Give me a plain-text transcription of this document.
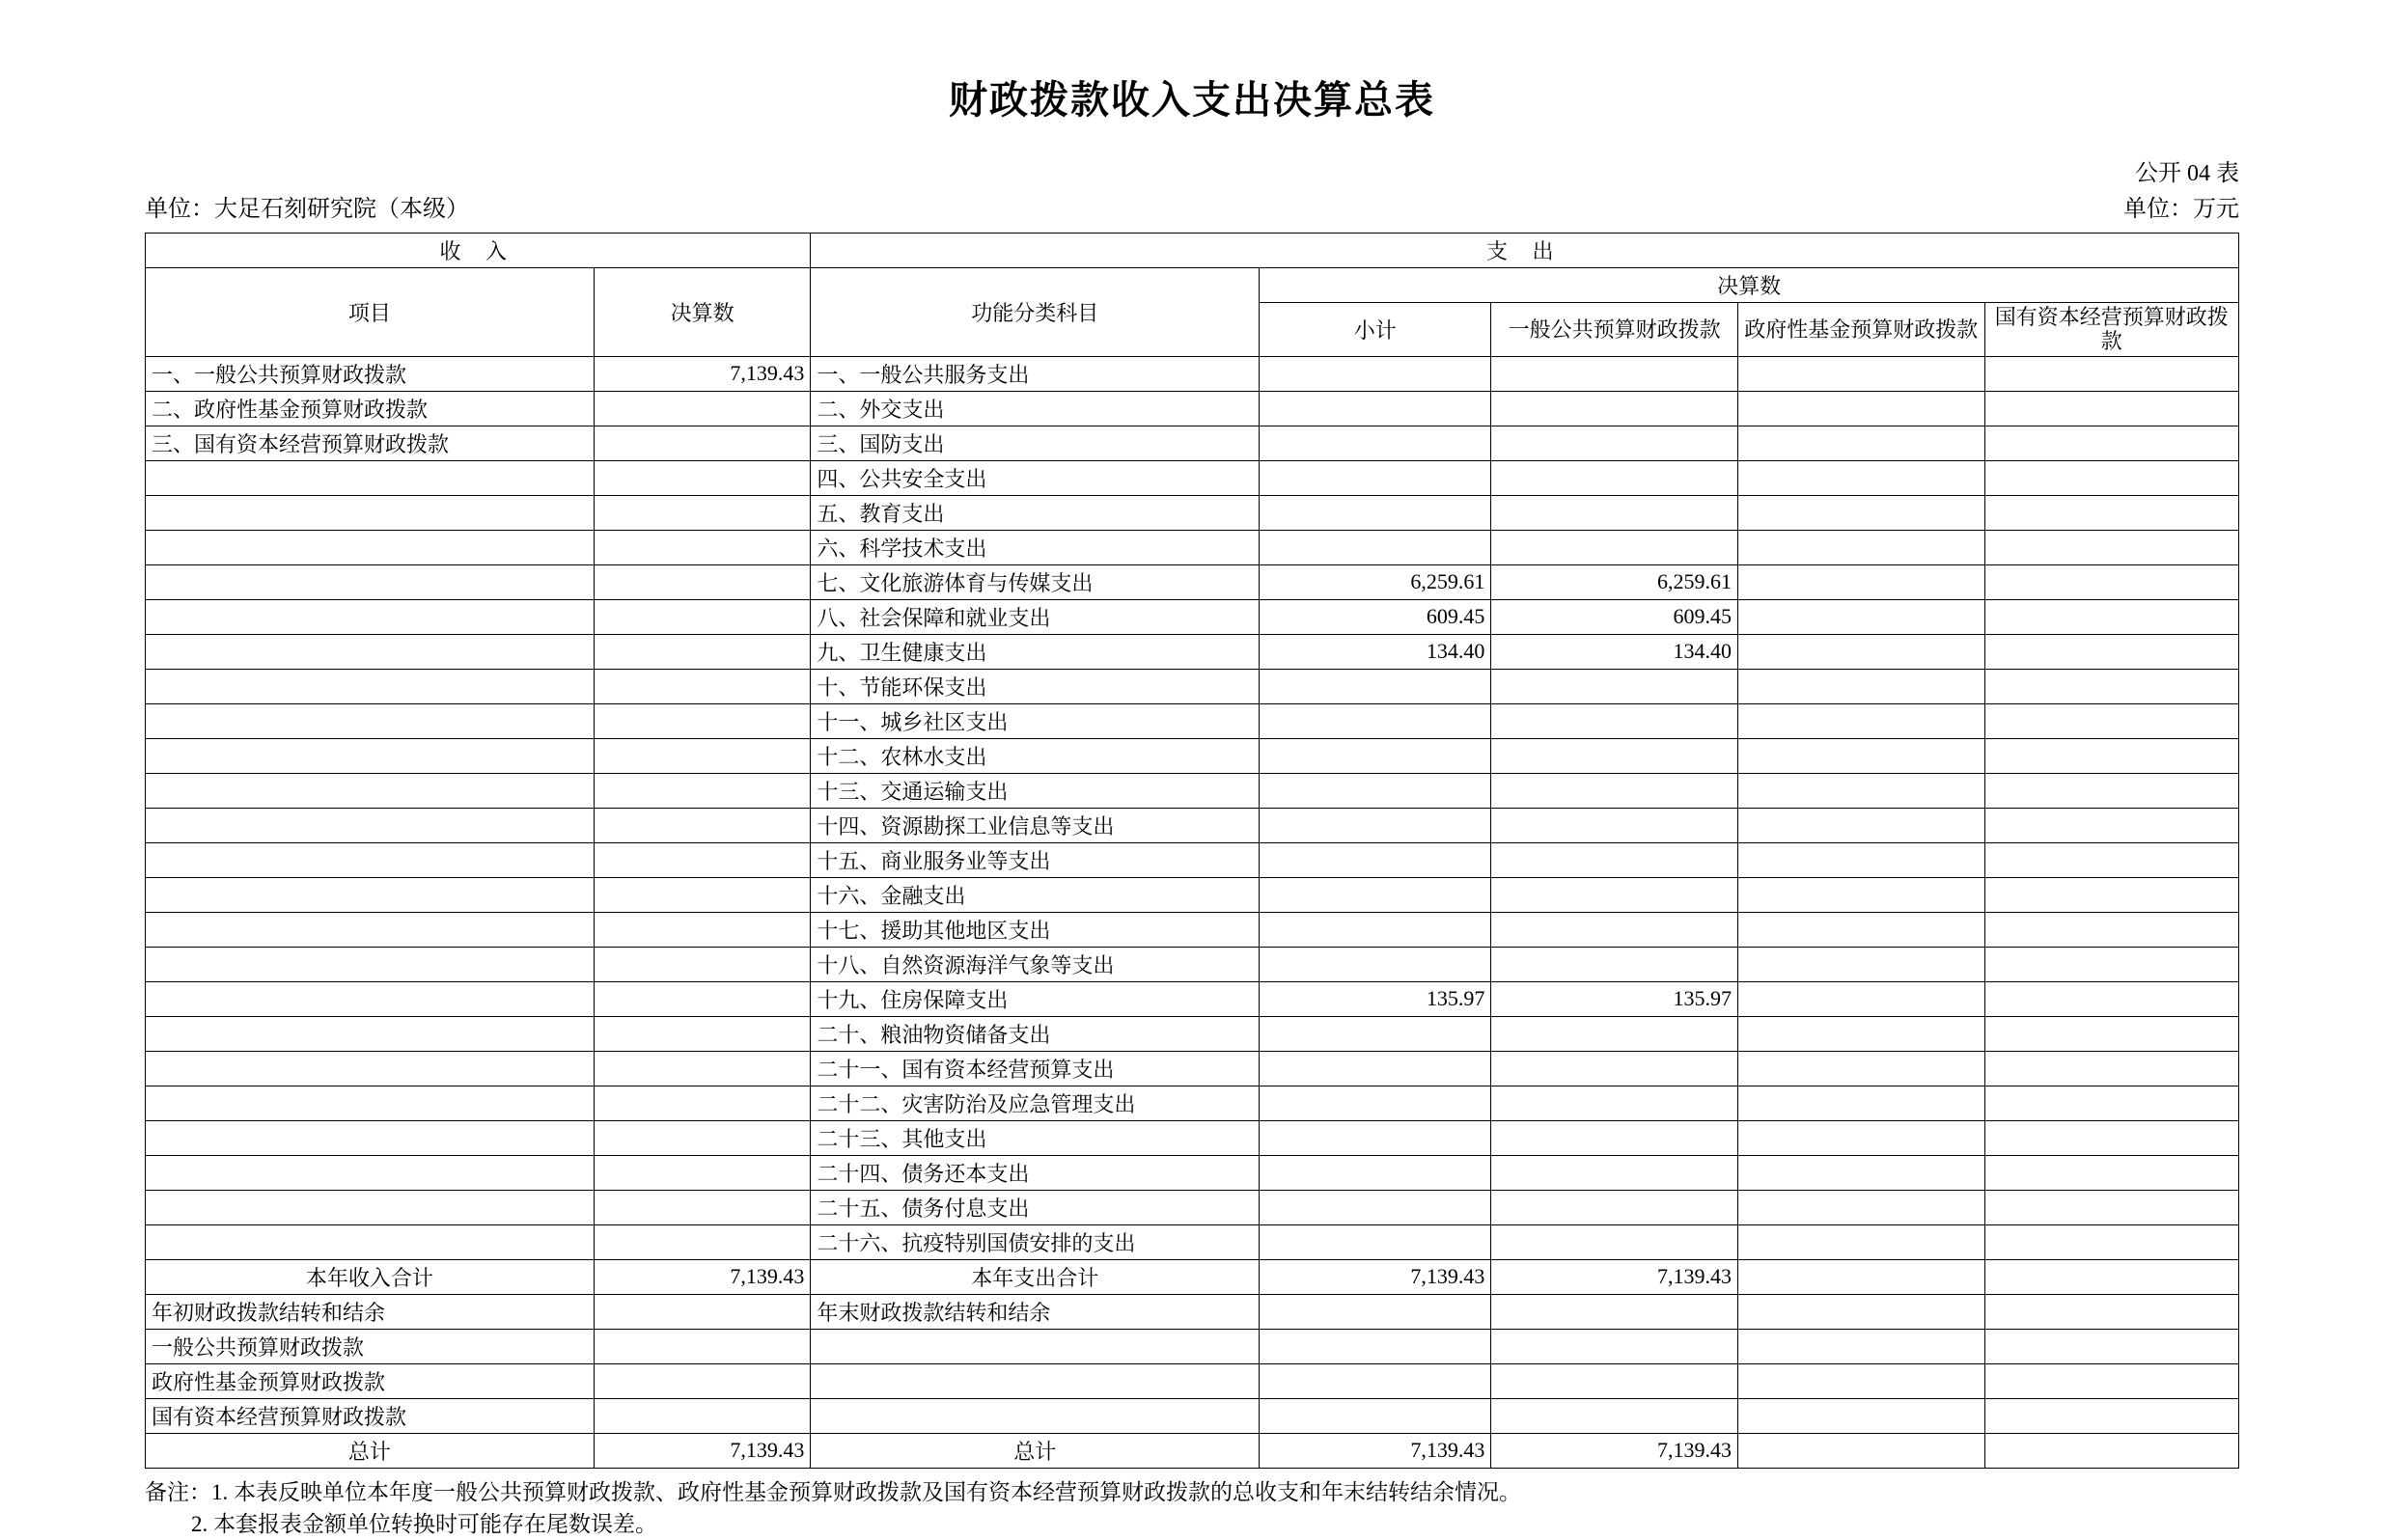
财政拨款收入支出决算总表
公开 04 表
单位：大足石刻研究院（本级）	单位：万元
收 入		支 出				
项目	决算数	功能分类科目	决算数			
			小计	一般公共预算财政拨款	政府性基金预算财政拨款	国有资本经营预算财政拨款
一、一般公共预算财政拨款	7,139.43	一、一般公共服务支出				
二、政府性基金预算财政拨款		二、外交支出				
三、国有资本经营预算财政拨款		三、国防支出				
		四、公共安全支出				
		五、教育支出				
		六、科学技术支出				
		七、文化旅游体育与传媒支出	6,259.61	6,259.61		
		八、社会保障和就业支出	609.45	609.45		
		九、卫生健康支出	134.40	134.40		
		十、节能环保支出				
		十一、城乡社区支出				
		十二、农林水支出				
		十三、交通运输支出				
		十四、资源勘探工业信息等支出				
		十五、商业服务业等支出				
		十六、金融支出				
		十七、援助其他地区支出				
		十八、自然资源海洋气象等支出				
		十九、住房保障支出	135.97	135.97		
		二十、粮油物资储备支出				
		二十一、国有资本经营预算支出				
		二十二、灾害防治及应急管理支出				
		二十三、其他支出				
		二十四、债务还本支出				
		二十五、债务付息支出				
		二十六、抗疫特别国债安排的支出				
本年收入合计	7,139.43	本年支出合计	7,139.43	7,139.43		
年初财政拨款结转和结余		年末财政拨款结转和结余				
一般公共预算财政拨款						
政府性基金预算财政拨款						
国有资本经营预算财政拨款						
总计	7,139.43	总计	7,139.43	7,139.43		
备注：1. 本表反映单位本年度一般公共预算财政拨款、政府性基金预算财政拨款及国有资本经营预算财政拨款的总收支和年末结转结余情况。
2. 本套报表金额单位转换时可能存在尾数误差。
